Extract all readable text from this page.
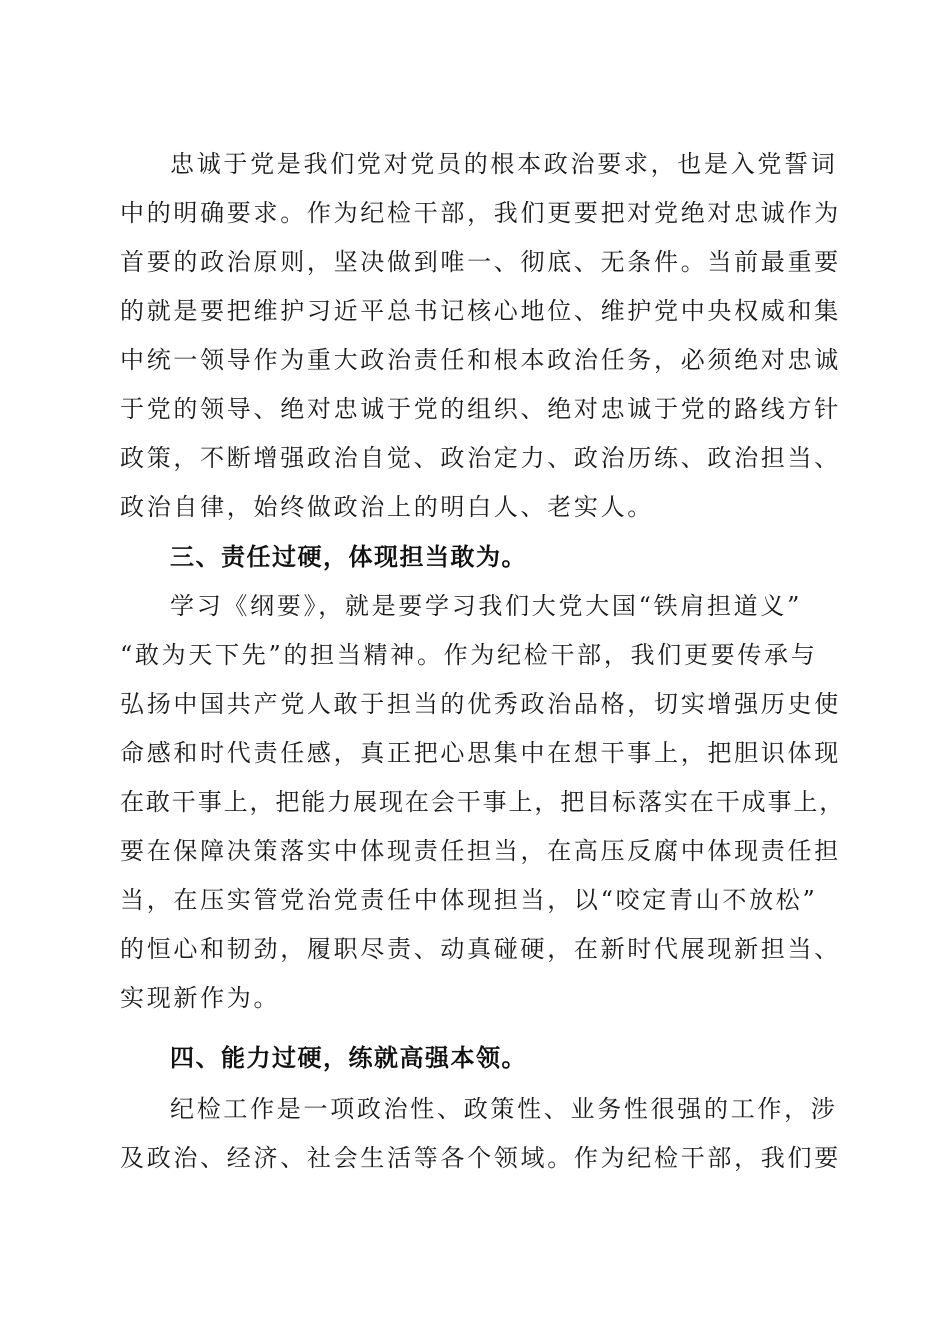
忠诚于党是我们党对党员的根本政治要求，也是入党誓词
中的明确要求。作为纪检干部，我们更要把对党绝对忠诚作为
首要的政治原则，坚决做到唯一、彻底、无条件。当前最重要
的就是要把维护习近平总书记核心地位、维护党中央权威和集
中统一领导作为重大政治责任和根本政治任务，必须绝对忠诚
于党的领导、绝对忠诚于党的组织、绝对忠诚于党的路线方针
政策，不断增强政治自觉、政治定力、政治历练、政治担当、
政治自律，始终做政治上的明白人、老实人。
三、责任过硬，体现担当敢为。
学习《纲要》，就是要学习我们大党大国“铁肩担道义”
“敢为天下先”的担当精神。作为纪检干部，我们更要传承与
弘扬中国共产党人敢于担当的优秀政治品格，切实增强历史使
命感和时代责任感，真正把心思集中在想干事上，把胆识体现
在敢干事上，把能力展现在会干事上，把目标落实在干成事上，
要在保障决策落实中体现责任担当，在高压反腐中体现责任担
当，在压实管党治党责任中体现担当，以“咬定青山不放松”
的恒心和韧劲，履职尽责、动真碰硬，在新时代展现新担当、
实现新作为。
四、能力过硬，练就高强本领。
纪检工作是一项政治性、政策性、业务性很强的工作，涉
及政治、经济、社会生活等各个领域。作为纪检干部，我们要
